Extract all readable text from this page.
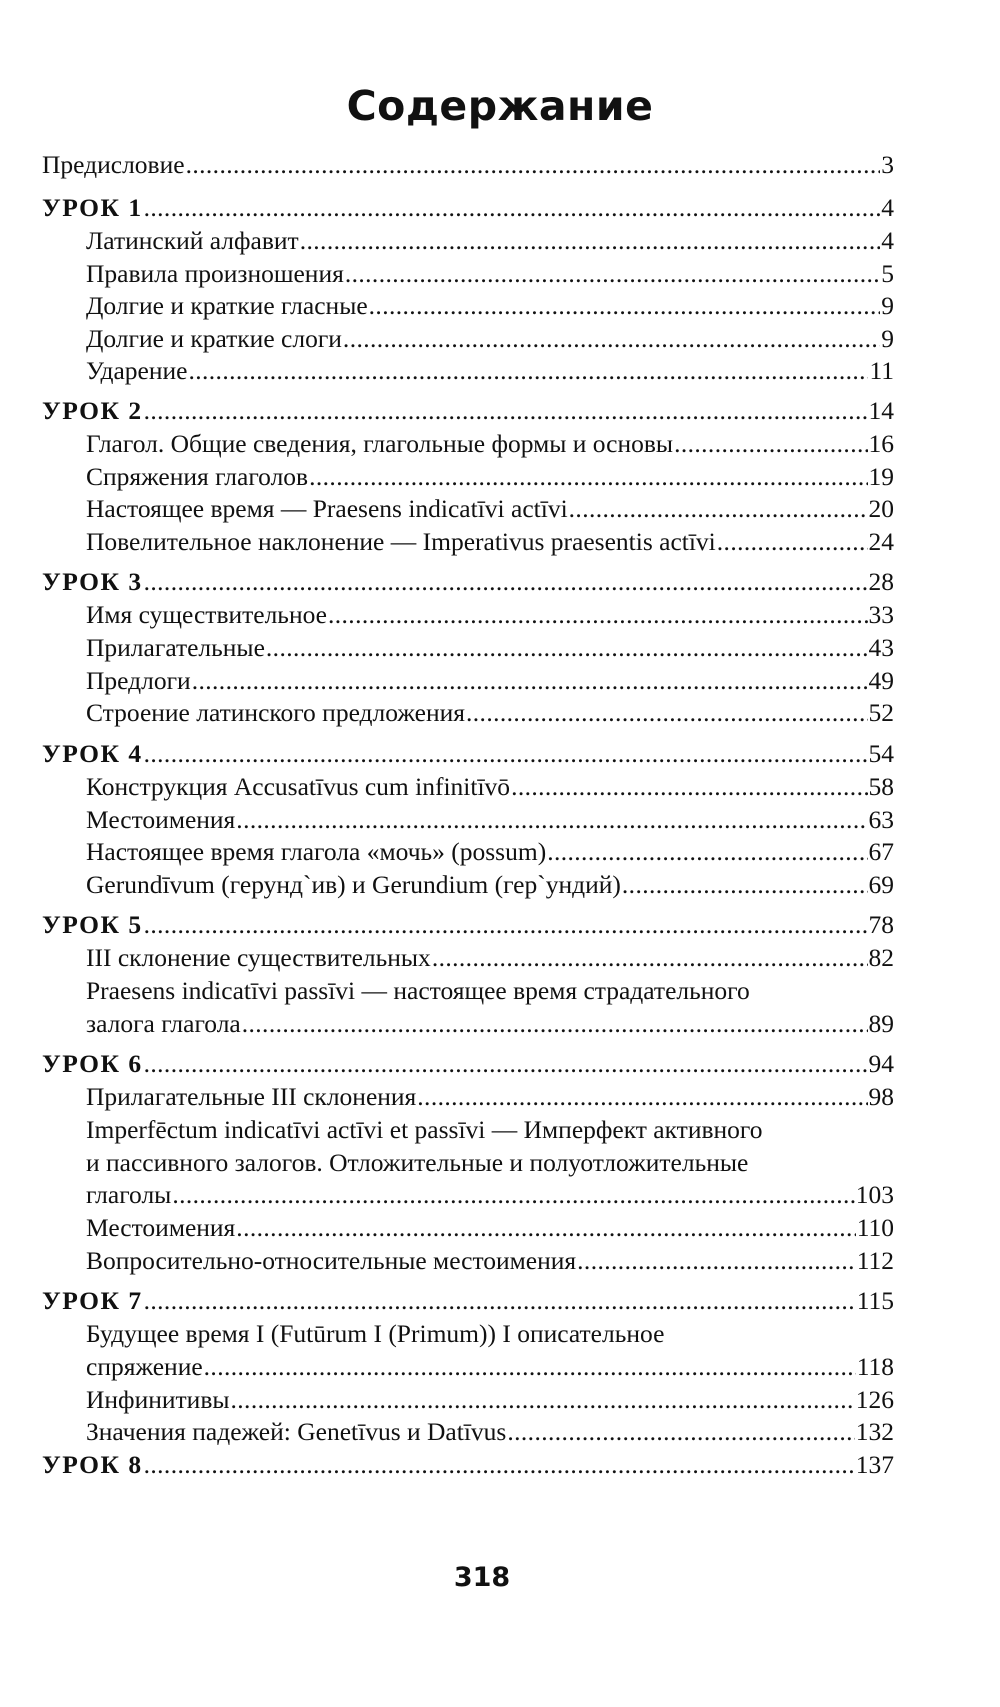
Содержание
Предисловие .....	3
УРОК 1 .....	4
Латинский алфавит .....	4
Правила произношения .....	5
Долгие и краткие гласные .....	9
Долгие и краткие слоги .....	9
Ударение .....	11
УРОК 2 .....	14
Глагол. Общие сведения, глагольные формы и основы .....	16
Спряжения глаголов .....	19
Настоящее время — Praesens indicatīvi actīvi .....	20
Повелительное наклонение — Imperativus praesentis actīvi .....	24
УРОК 3 .....	28
Имя существительное .....	33
Прилагательные .....	43
Предлоги .....	49
Строение латинского предложения .....	52
УРОК 4 .....	54
Конструкция Accusatīvus cum infinitīvō .....	58
Местоимения .....	63
Настоящее время глагола «мочь» (possum) .....	67
Gerundīvum (герунд`ив) и Gerundium (гер`ундий) .....	69
УРОК 5 .....	78
III склонение существительных .....	82
Praesens indicatīvi passīvi — настоящее время страдательного
залога глагола .....	89
УРОК 6 .....	94
Прилагательные III склонения .....	98
Imperfēctum indicatīvi actīvi et passīvi — Имперфект активного
и пассивного залогов. Отложительные и полуотложительные
глаголы .....	103
Местоимения .....	110
Вопросительно-относительные местоимения .....	112
УРОК 7 .....	115
Будущее время I (Futūrum I (Primum)) I описательное
спряжение .....	118
Инфинитивы .....	126
Значения падежей: Genetīvus и Datīvus .....	132
УРОК 8 .....	137
318
